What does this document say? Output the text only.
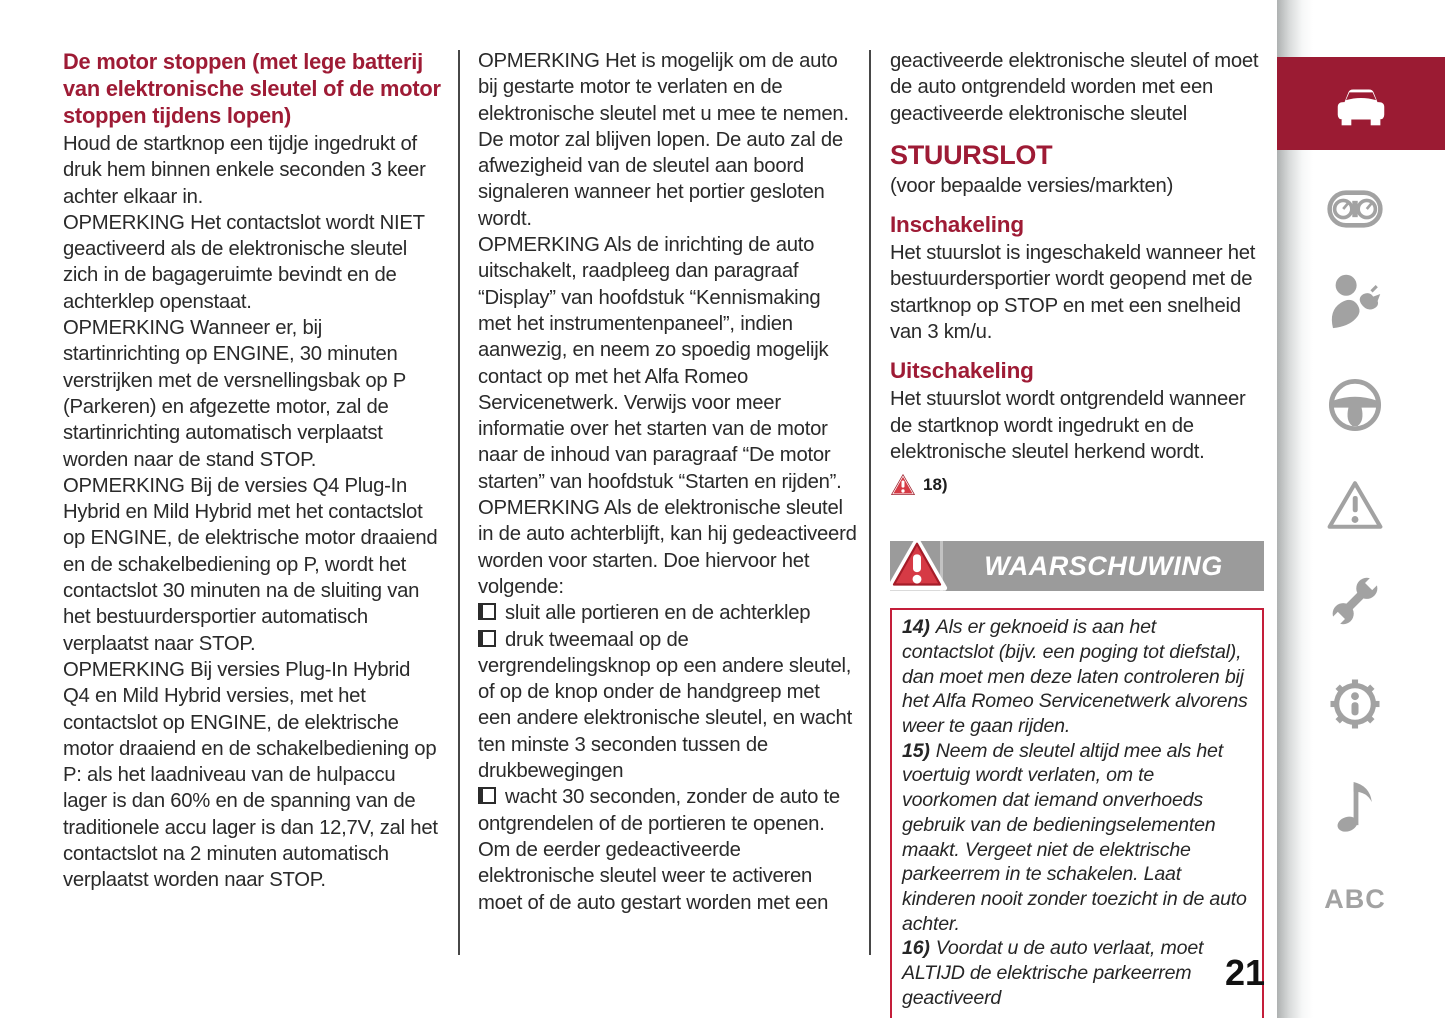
De motor stoppen (met lege batterij van elektronische sleutel of de motor stoppen tijdens lopen)

Houd de startknop een tijdje ingedrukt of druk hem binnen enkele seconden 3 keer achter elkaar in.

OPMERKING Het contactslot wordt NIET geactiveerd als de elektronische sleutel zich in de bagageruimte bevindt en de achterklep openstaat.

OPMERKING Wanneer er, bij startinrichting op ENGINE, 30 minuten verstrijken met de versnellingsbak op P (Parkeren) en afgezette motor, zal de startinrichting automatisch verplaatst worden naar de stand STOP.

OPMERKING Bij de versies Q4 Plug-In Hybrid en Mild Hybrid met het contactslot op ENGINE, de elektrische motor draaiend en de schakelbediening op P, wordt het contactslot 30 minuten na de sluiting van het bestuurdersportier automatisch verplaatst naar STOP.

OPMERKING Bij versies Plug-In Hybrid Q4 en Mild Hybrid versies, met het contactslot op ENGINE, de elektrische motor draaiend en de schakelbediening op P: als het laadniveau van de hulpaccu lager is dan 60% en de spanning van de traditionele accu lager is dan 12,7V, zal het contactslot na 2 minuten automatisch verplaatst worden naar STOP.

OPMERKING Het is mogelijk om de auto bij gestarte motor te verlaten en de elektronische sleutel met u mee te nemen. De motor zal blijven lopen. De auto zal de afwezigheid van de sleutel aan boord signaleren wanneer het portier gesloten wordt.

OPMERKING Als de inrichting de auto uitschakelt, raadpleeg dan paragraaf “Display” van hoofdstuk “Kennismaking met het instrumentenpaneel”, indien aanwezig, en neem zo spoedig mogelijk contact op met het Alfa Romeo Servicenetwerk. Verwijs voor meer informatie over het starten van de motor naar de inhoud van paragraaf “De motor starten” van hoofdstuk “Starten en rijden”.

OPMERKING Als de elektronische sleutel in de auto achterblijft, kan hij gedeactiveerd worden voor starten. Doe hiervoor het volgende:

sluit alle portieren en de achterklep

druk tweemaal op de vergrendelingsknop op een andere sleutel, of op de knop onder de handgreep met een andere elektronische sleutel, en wacht ten minste 3 seconden tussen de drukbewegingen

wacht 30 seconden, zonder de auto te ontgrendelen of de portieren te openen. Om de eerder gedeactiveerde elektronische sleutel weer te activeren moet of de auto gestart worden met een

geactiveerde elektronische sleutel of moet de auto ontgrendeld worden met een geactiveerde elektronische sleutel

STUURSLOT

(voor bepaalde versies/markten)

Inschakeling

Het stuurslot is ingeschakeld wanneer het bestuurdersportier wordt geopend met de startknop op STOP en met een snelheid van 3 km/u.

Uitschakeling

Het stuurslot wordt ontgrendeld wanneer de startknop wordt ingedrukt en de elektronische sleutel herkend wordt.

18)
WAARSCHUWING

14) Als er geknoeid is aan het contactslot (bijv. een poging tot diefstal), dan moet men deze laten controleren bij het Alfa Romeo Servicenetwerk alvorens weer te gaan rijden.

15) Neem de sleutel altijd mee als het voertuig wordt verlaten, om te voorkomen dat iemand onverhoeds gebruik van de bedieningselementen maakt. Vergeet niet de elektrische parkeerrem in te schakelen. Laat kinderen nooit zonder toezicht in de auto achter.

16) Voordat u de auto verlaat, moet ALTIJD de elektrische parkeerrem geactiveerd

ABC
21
